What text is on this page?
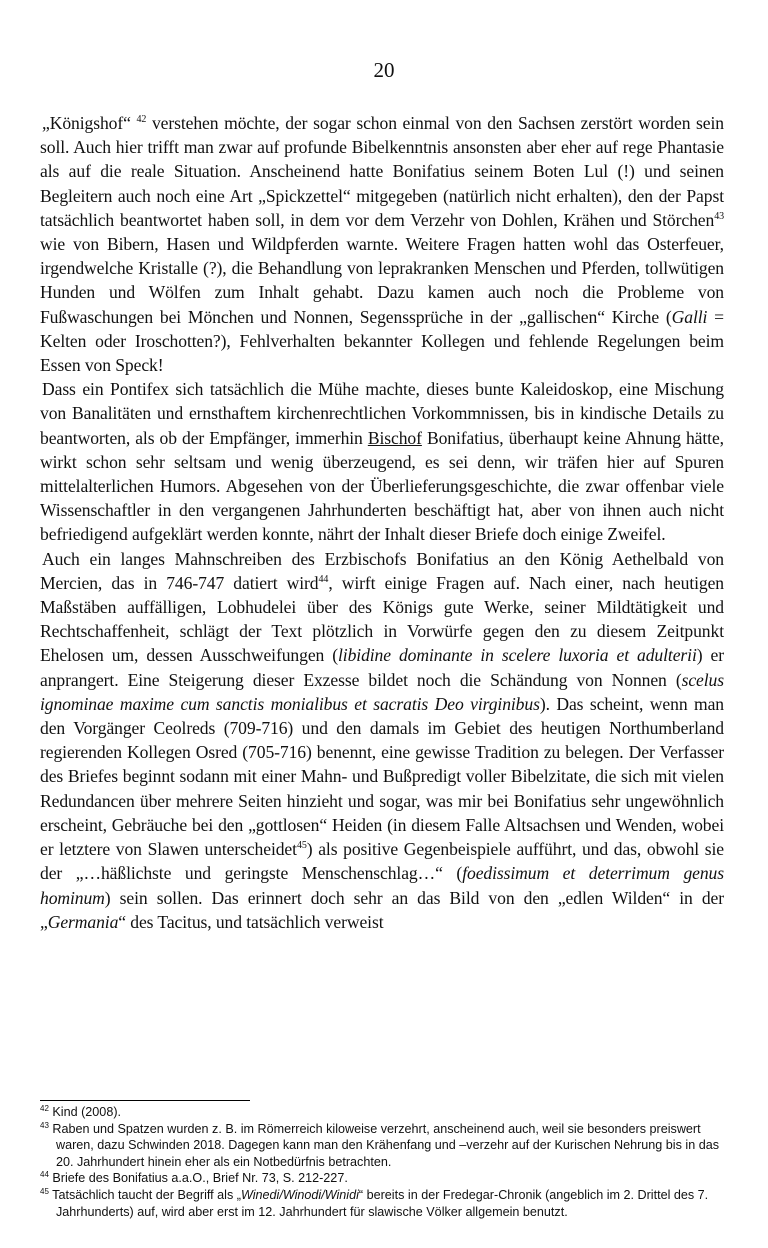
20

„Königshof“ $^{42}$ verstehen möchte, der sogar schon einmal von den Sachsen zerstört worden sein soll. Auch hier trifft man zwar auf profunde Bibelkenntnis ansonsten aber eher auf rege Phantasie als auf die reale Situation. Anscheinend hatte Bonifatius seinem Boten Lul (!) und seinen Begleitern auch noch eine Art „Spickzettel“ mitgegeben (natürlich nicht erhalten), den der Papst tatsächlich beantwortet haben soll, in dem vor dem Verzehr von Dohlen, Krähen und Störchen$^{43}$ wie von Bibern, Hasen und Wildpferden warnte. Weitere Fragen hatten wohl das Osterfeuer, irgendwelche Kristalle (?), die Behandlung von leprakranken Menschen und Pferden, tollwütigen Hunden und Wölfen zum Inhalt gehabt. Dazu kamen auch noch die Probleme von Fußwaschungen bei Mönchen und Nonnen, Segenssprüche in der „gallischen“ Kirche (Galli = Kelten oder Iroschotten?), Fehlverhalten bekannter Kollegen und fehlende Regelungen beim Essen von Speck!

Dass ein Pontifex sich tatsächlich die Mühe machte, dieses bunte Kaleidoskop, eine Mischung von Banalitäten und ernsthaftem kirchenrechtlichen Vorkommnissen, bis in kindische Details zu beantworten, als ob der Empfänger, immerhin Bischof Bonifatius, überhaupt keine Ahnung hätte, wirkt schon sehr seltsam und wenig überzeugend, es sei denn, wir träfen hier auf Spuren mittelalterlichen Humors. Abgesehen von der Überlieferungsgeschichte, die zwar offenbar viele Wissenschaftler in den vergangenen Jahrhunderten beschäftigt hat, aber von ihnen auch nicht befriedigend aufgeklärt werden konnte, nährt der Inhalt dieser Briefe doch einige Zweifel.

Auch ein langes Mahnschreiben des Erzbischofs Bonifatius an den König Aethelbald von Mercien, das in 746-747 datiert wird$^{44}$, wirft einige Fragen auf. Nach einer, nach heutigen Maßstäben auffälligen, Lobhudelei über des Königs gute Werke, seiner Mildtätigkeit und Rechtschaffenheit, schlägt der Text plötzlich in Vorwürfe gegen den zu diesem Zeitpunkt Ehelosen um, dessen Ausschweifungen (libidine dominante in scelere luxoria et adulterii) er anprangert. Eine Steigerung dieser Exzesse bildet noch die Schändung von Nonnen (scelus ignominae maxime cum sanctis monialibus et sacratis Deo virginibus). Das scheint, wenn man den Vorgänger Ceolreds (709-716) und den damals im Gebiet des heutigen Northumberland regierenden Kollegen Osred (705-716) benennt, eine gewisse Tradition zu belegen. Der Verfasser des Briefes beginnt sodann mit einer Mahn- und Bußpredigt voller Bibelzitate, die sich mit vielen Redundancen über mehrere Seiten hinzieht und sogar, was mir bei Bonifatius sehr ungewöhnlich erscheint, Gebräuche bei den „gottlosen“ Heiden (in diesem Falle Altsachsen und Wenden, wobei er letztere von Slawen unterscheidet$^{45}$) als positive Gegenbeispiele aufführt, und das, obwohl sie der „…häßlichste und geringste Menschenschlag…“ (foedissimum et deterrimum genus hominum) sein sollen. Das erinnert doch sehr an das Bild von den „edlen Wilden“ in der „Germania“ des Tacitus, und tatsächlich verweist

$^{42}$ Kind (2008).
$^{43}$ Raben und Spatzen wurden z. B. im Römerreich kiloweise verzehrt, anscheinend auch, weil sie besonders preiswert waren, dazu Schwinden 2018. Dagegen kann man den Krähenfang und –verzehr auf der Kurischen Nehrung bis in das 20. Jahrhundert hinein eher als ein Notbedürfnis betrachten.
$^{44}$ Briefe des Bonifatius a.a.O., Brief Nr. 73, S. 212-227.
$^{45}$ Tatsächlich taucht der Begriff als „Winedi/Winodi/Winidi“ bereits in der Fredegar-Chronik (angeblich im 2. Drittel des 7. Jahrhunderts) auf, wird aber erst im 12. Jahrhundert für slawische Völker allgemein benutzt.
